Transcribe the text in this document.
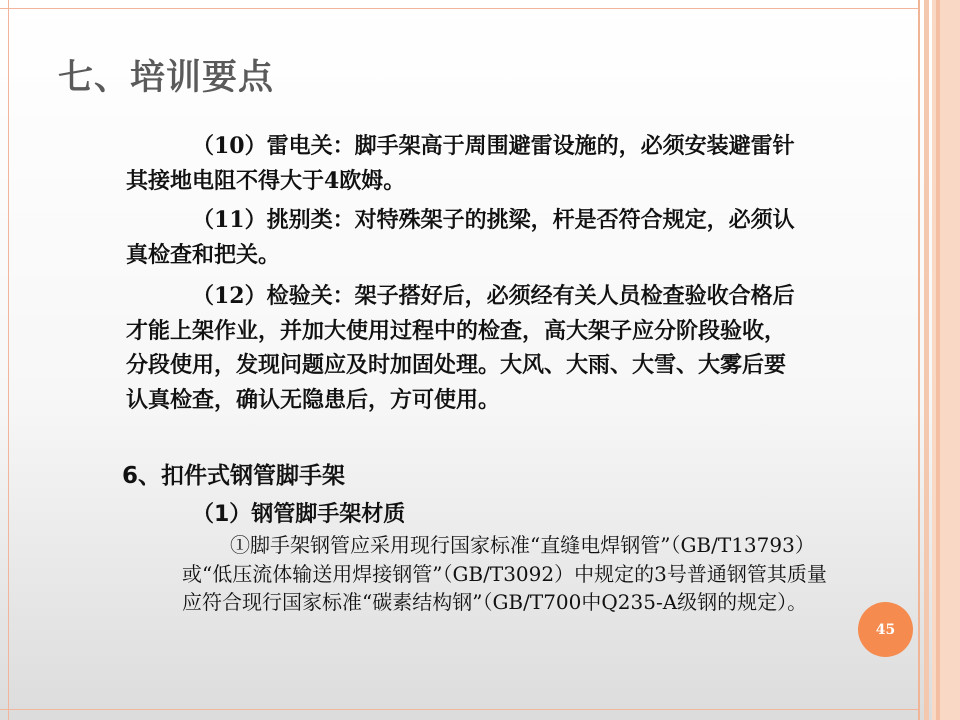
七、培训要点

（10）雷电关：脚手架高于周围避雷设施的，必须安装避雷针其接地电阻不得大于4欧姆。

（11）挑别类：对特殊架子的挑梁，杆是否符合规定，必须认真检查和把关。

（12）检验关：架子搭好后，必须经有关人员检查验收合格后才能上架作业，并加大使用过程中的检查，高大架子应分阶段验收，分段使用，发现问题应及时加固处理。大风、大雨、大雪、大雾后要认真检查，确认无隐患后，方可使用。

6、扣件式钢管脚手架
（1）钢管脚手架材质

①脚手架钢管应采用现行国家标准“直缝电焊钢管”（GB/T13793）或“低压流体输送用焊接钢管”（GB/T3092）中规定的3号普通钢管其质量应符合现行国家标准“碳素结构钢”（GB/T700中Q235-A级钢的规定）。

45
